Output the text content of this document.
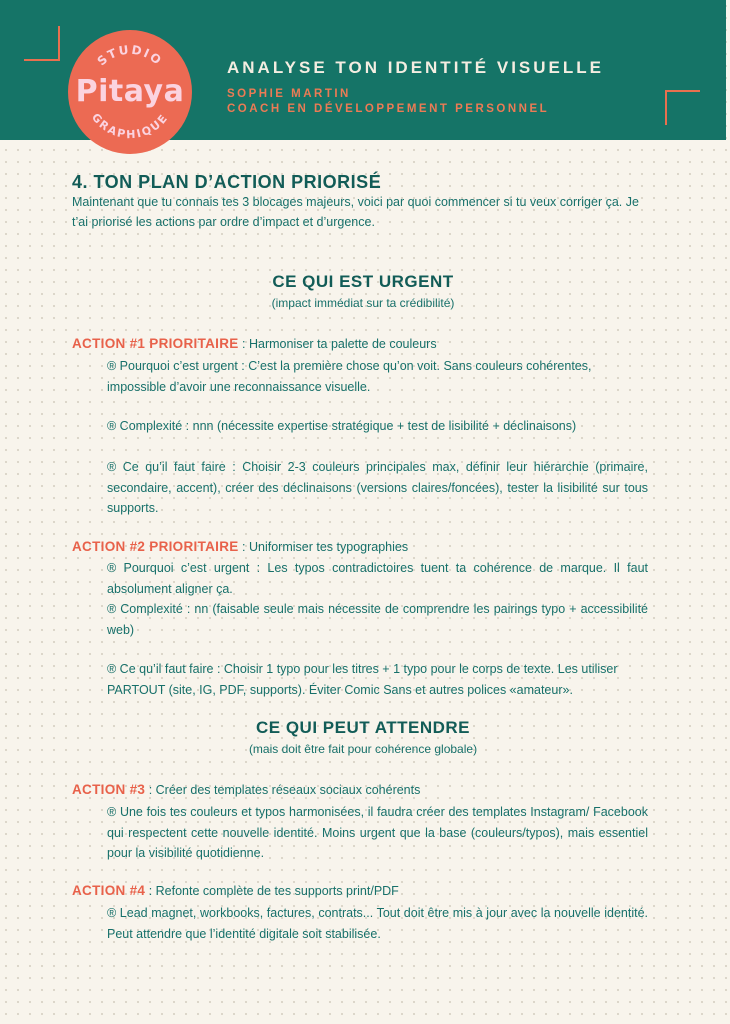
STUDIO
GRAPHIQUE
Pitaya
ANALYSE TON IDENTITÉ VISUELLE
SOPHIE MARTIN
COACH EN DÉVELOPPEMENT PERSONNEL
4. TON PLAN D’ACTION PRIORISÉ
Maintenant que tu connais tes 3 blocages majeurs, voici par quoi commencer si tu veux corriger ça. Je t’ai priorisé les actions par ordre d’impact et d’urgence.
CE QUI EST URGENT
(impact immédiat sur ta crédibilité)
ACTION #1 PRIORITAIRE : Harmoniser ta palette de couleurs
® Pourquoi c’est urgent : C’est la première chose qu’on voit. Sans couleurs cohérentes, impossible d’avoir une reconnaissance visuelle.
® Complexité : nnn (nécessite expertise stratégique + test de lisibilité + déclinaisons)
® Ce qu’il faut faire : Choisir 2-3 couleurs principales max, définir leur hiérarchie (primaire, secondaire, accent), créer des déclinaisons (versions claires/foncées), tester la lisibilité sur tous supports.
ACTION #2 PRIORITAIRE : Uniformiser tes typographies
® Pourquoi c’est urgent : Les typos contradictoires tuent ta cohérence de marque. Il faut absolument aligner ça.
® Complexité : nn (faisable seule mais nécessite de comprendre les pairings typo + accessibilité web)
® Ce qu’il faut faire : Choisir 1 typo pour les titres + 1 typo pour le corps de texte. Les utiliser PARTOUT (site, IG, PDF, supports). Éviter Comic Sans et autres polices «amateur».
CE QUI PEUT ATTENDRE
(mais doit être fait pour cohérence globale)
ACTION #3 : Créer des templates réseaux sociaux cohérents
® Une fois tes couleurs et typos harmonisées, il faudra créer des templates Instagram/ Facebook qui respectent cette nouvelle identité. Moins urgent que la base (couleurs/typos), mais essentiel pour la visibilité quotidienne.
ACTION #4 : Refonte complète de tes supports print/PDF
® Lead magnet, workbooks, factures, contrats... Tout doit être mis à jour avec la nouvelle identité. Peut attendre que l’identité digitale soit stabilisée.
